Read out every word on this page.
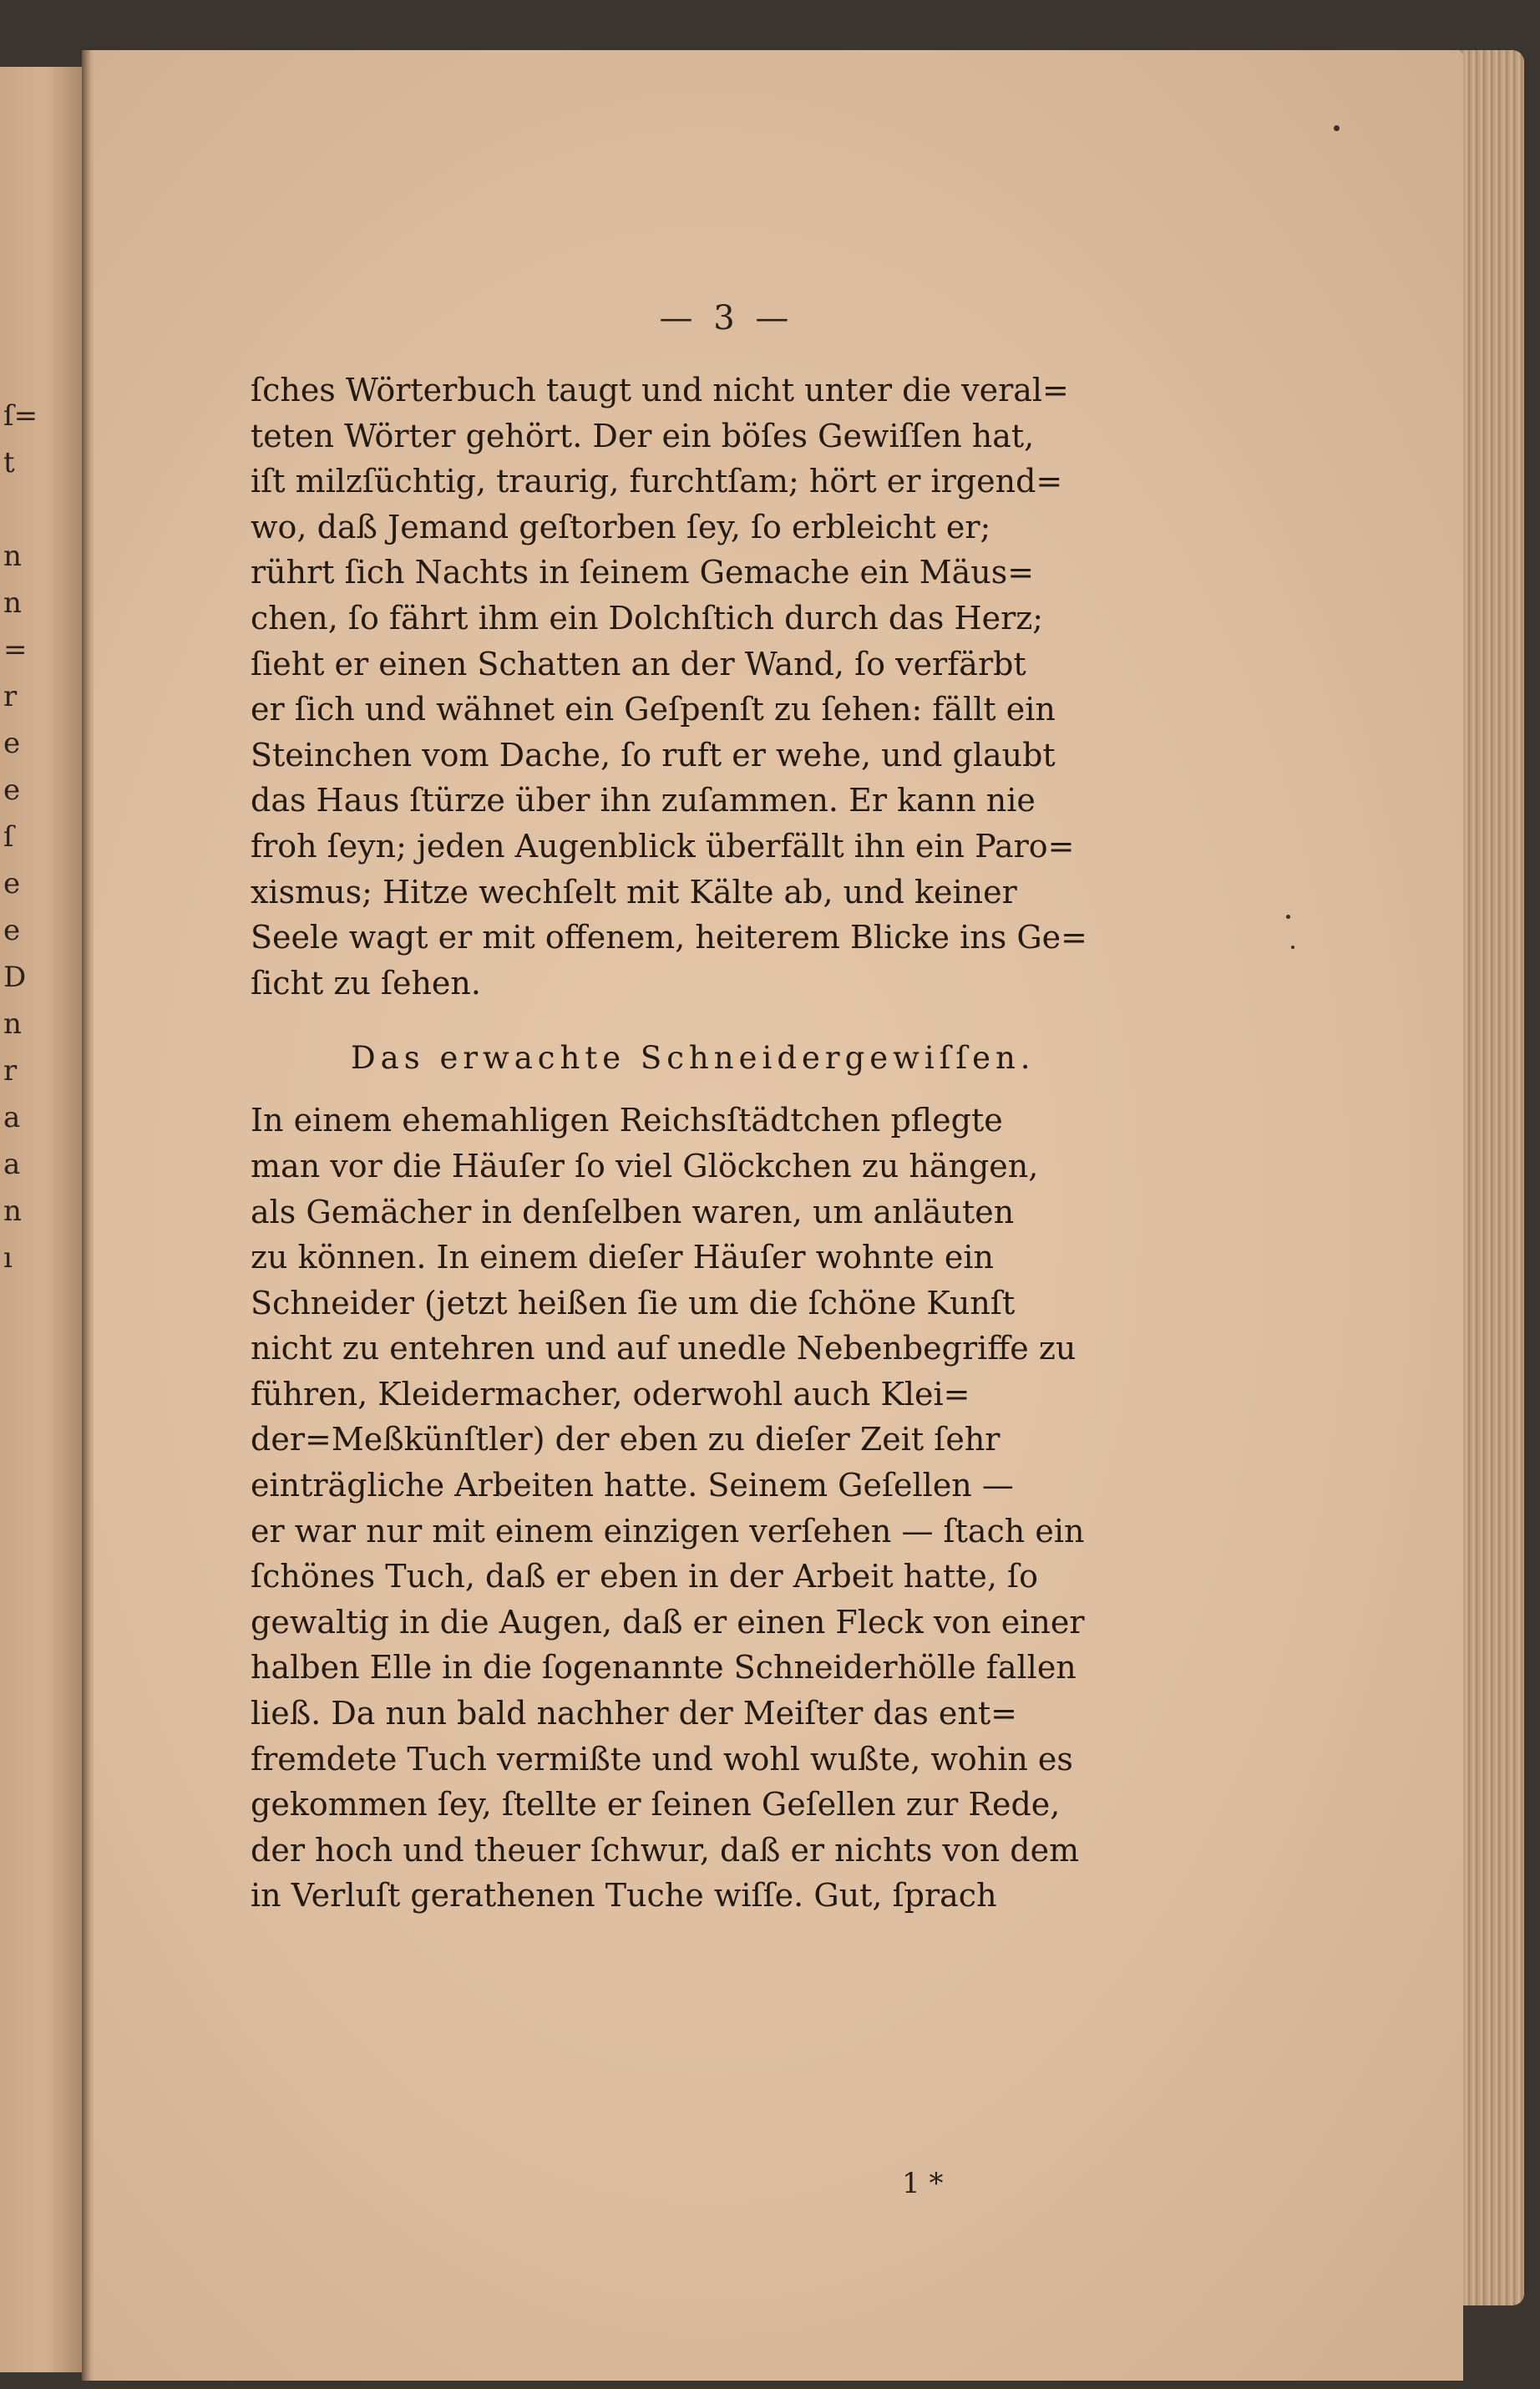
ſ=
t
n
n
=
r
e
e
ſ
e
e
D
n
r
a
a
n
ı
— 3 —
ſches Wörterbuch taugt und nicht unter die veral=
teten Wörter gehört. Der ein böſes Gewiſſen hat,
iſt milzſüchtig, traurig, furchtſam; hört er irgend=
wo, daß Jemand geſtorben ſey, ſo erbleicht er;
rührt ſich Nachts in ſeinem Gemache ein Mäus=
chen, ſo fährt ihm ein Dolchſtich durch das Herz;
ſieht er einen Schatten an der Wand, ſo verfärbt
er ſich und wähnet ein Geſpenſt zu ſehen: fällt ein
Steinchen vom Dache, ſo ruft er wehe, und glaubt
das Haus ſtürze über ihn zuſammen. Er kann nie
froh ſeyn; jeden Augenblick überfällt ihn ein Paro=
xismus; Hitze wechſelt mit Kälte ab, und keiner
Seele wagt er mit offenem, heiterem Blicke ins Ge=
ſicht zu ſehen.
Das erwachte Schneidergewiſſen.
In einem ehemahligen Reichsſtädtchen pflegte
man vor die Häuſer ſo viel Glöckchen zu hängen,
als Gemächer in denſelben waren, um anläuten
zu können. In einem dieſer Häuſer wohnte ein
Schneider (jetzt heißen ſie um die ſchöne Kunſt
nicht zu entehren und auf unedle Nebenbegriffe zu
führen, Kleidermacher, oderwohl auch Klei=
der=Meßkünſtler) der eben zu dieſer Zeit ſehr
einträgliche Arbeiten hatte. Seinem Geſellen —
er war nur mit einem einzigen verſehen — ſtach ein
ſchönes Tuch, daß er eben in der Arbeit hatte, ſo
gewaltig in die Augen, daß er einen Fleck von einer
halben Elle in die ſogenannte Schneiderhölle fallen
ließ. Da nun bald nachher der Meiſter das ent=
fremdete Tuch vermißte und wohl wußte, wohin es
gekommen ſey, ſtellte er ſeinen Geſellen zur Rede,
der hoch und theuer ſchwur, daß er nichts von dem
in Verluſt gerathenen Tuche wiſſe. Gut, ſprach
1 *
